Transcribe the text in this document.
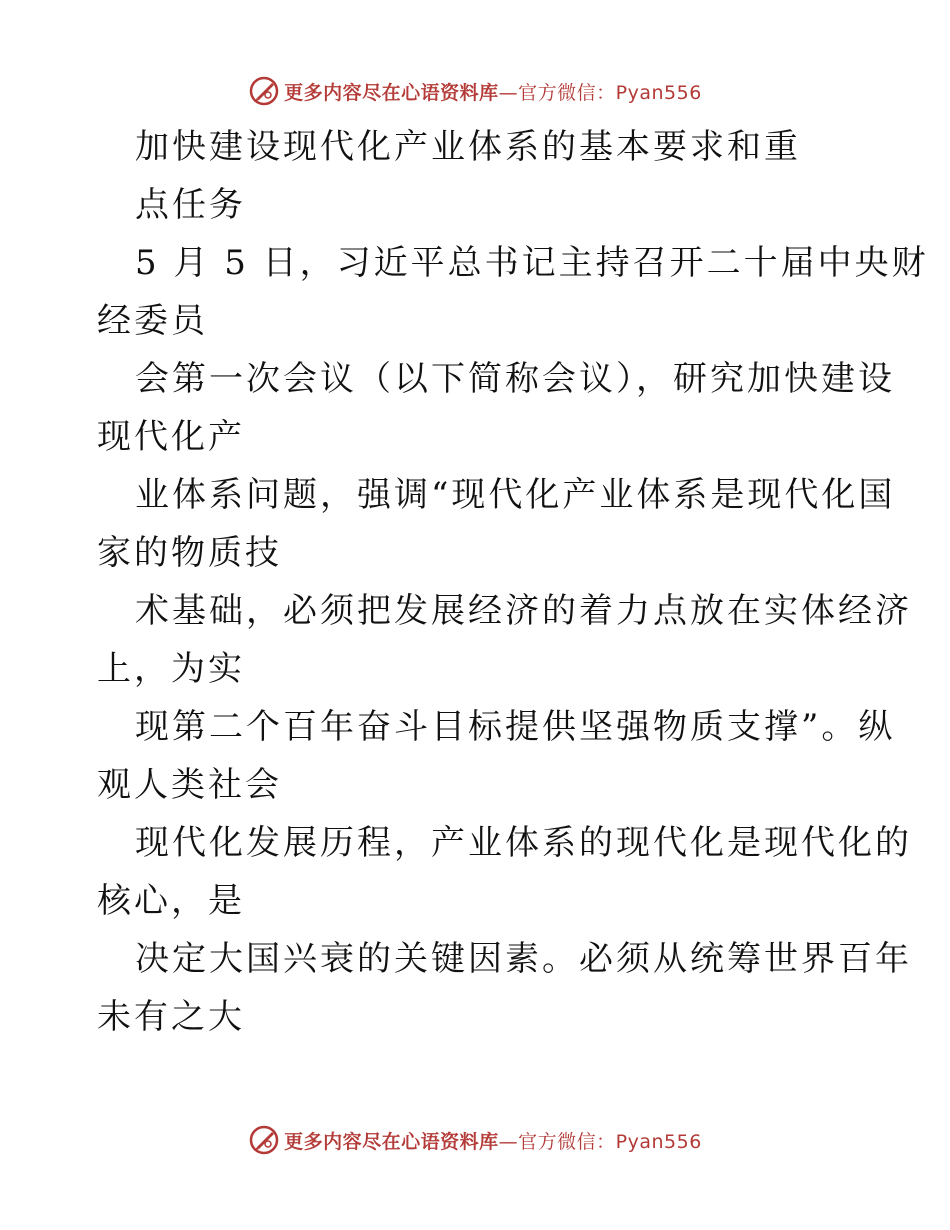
更多内容尽在心语资料库—官方微信：Pyan556
加快建设现代化产业体系的基本要求和重
点任务
5 月 5 日，习近平总书记主持召开二十届中央财
经委员
会第一次会议（以下简称会议），研究加快建设
现代化产
业体系问题，强调“现代化产业体系是现代化国
家的物质技
术基础，必须把发展经济的着力点放在实体经济
上，为实
现第二个百年奋斗目标提供坚强物质支撑”。纵
观人类社会
现代化发展历程，产业体系的现代化是现代化的
核心，是
决定大国兴衰的关键因素。必须从统筹世界百年
未有之大
更多内容尽在心语资料库—官方微信：Pyan556
